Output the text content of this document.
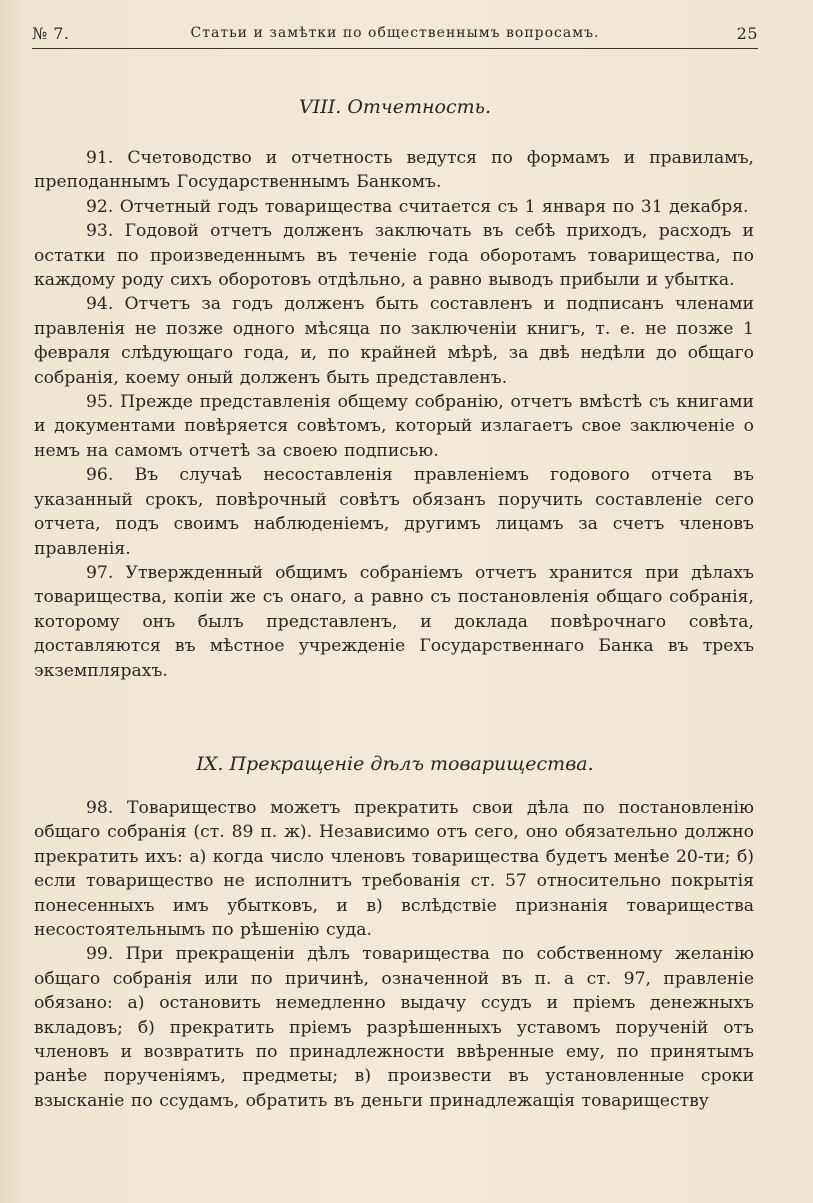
№ 7.	Статьи и замѣтки по общественнымъ вопросамъ.	25
VIII. Отчетность.

91. Счетоводство и отчетность ведутся по формамъ и правиламъ, преподаннымъ Государственнымъ Банкомъ.

92. Отчетный годъ товарищества считается съ 1 января по 31 декабря.

93. Годовой отчетъ долженъ заключать въ себѣ приходъ, расходъ и остатки по произведеннымъ въ теченіе года оборотамъ товарищества, по каждому роду сихъ оборотовъ отдѣльно, а равно выводъ прибыли и убытка.

94. Отчетъ за годъ долженъ быть составленъ и подписанъ членами правленія не позже одного мѣсяца по заключеніи книгъ, т. е. не позже 1 февраля слѣдующаго года, и, по крайней мѣрѣ, за двѣ недѣли до общаго собранія, коему оный долженъ быть представленъ.

95. Прежде представленія общему собранію, отчетъ вмѣстѣ съ книгами и документами повѣряется совѣтомъ, который излагаетъ свое заключеніе о немъ на самомъ отчетѣ за своею подписью.

96. Въ случаѣ несоставленія правленіемъ годового отчета въ указанный срокъ, повѣрочный совѣтъ обязанъ поручить составленіе сего отчета, подъ своимъ наблюденіемъ, другимъ лицамъ за счетъ членовъ правленія.

97. Утвержденный общимъ собраніемъ отчетъ хранится при дѣлахъ товарищества, копіи же съ онаго, а равно съ постановленія общаго собранія, которому онъ былъ представленъ, и доклада повѣрочнаго совѣта, доставляются въ мѣстное учрежденіе Государственнаго Банка въ трехъ экземплярахъ.

IX. Прекращеніе дѣлъ товарищества.

98. Товарищество можетъ прекратить свои дѣла по постановленію общаго собранія (ст. 89 п. ж). Независимо отъ сего, оно обязательно должно прекратить ихъ: а) когда число членовъ товарищества будетъ менѣе 20-ти; б) если товарищество не исполнитъ требованія ст. 57 относительно покрытія понесенныхъ имъ убытковъ, и в) вслѣдствіе признанія товарищества несостоятельнымъ по рѣшенію суда.

99. При прекращеніи дѣлъ товарищества по собственному желанію общаго собранія или по причинѣ, означенной въ п. а ст. 97, правленіе обязано: а) остановить немедленно выдачу ссудъ и пріемъ денежныхъ вкладовъ; б) прекратить пріемъ разрѣшенныхъ уставомъ порученій отъ членовъ и возвратить по принадлежности ввѣренные ему, по принятымъ ранѣе порученіямъ, предметы; в) произвести въ установленные сроки взысканіе по ссудамъ, обратить въ деньги принадлежащія товариществу
